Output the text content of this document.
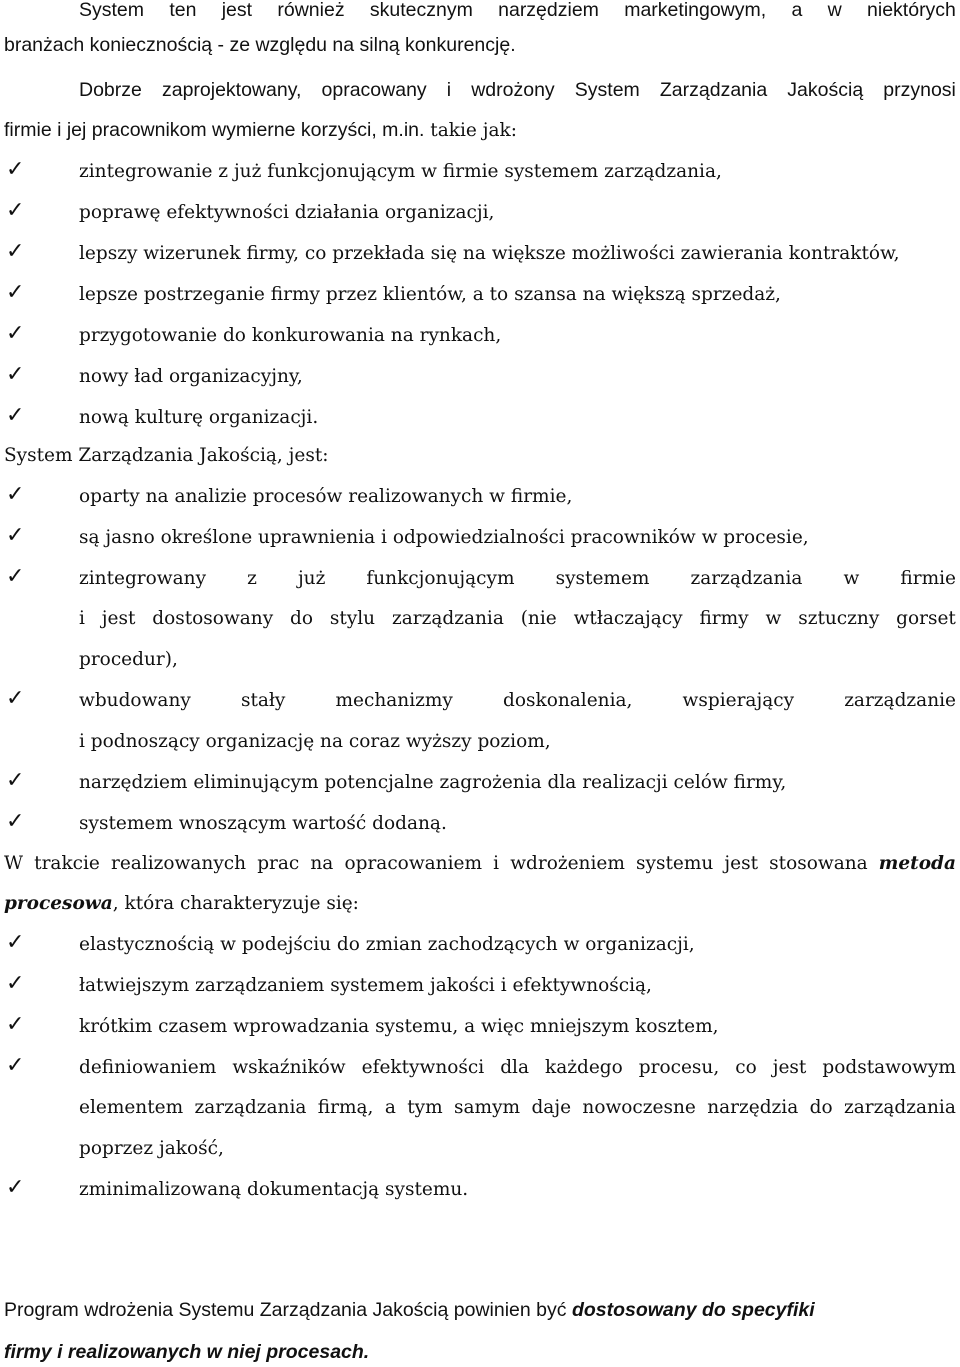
System ten jest również skutecznym narzędziem marketingowym, a w niektórych
branżach koniecznością - ze względu na silną konkurencję.
Dobrze zaprojektowany, opracowany i wdrożony System Zarządzania Jakością przynosi
firmie i jej pracownikom wymierne korzyści, m.in. takie jak:
✓	zintegrowanie z już funkcjonującym w firmie systemem zarządzania,
✓	poprawę efektywności działania organizacji,
✓	lepszy wizerunek firmy, co przekłada się na większe możliwości zawierania kontraktów,
✓	lepsze postrzeganie firmy przez klientów, a to szansa na większą sprzedaż,
✓	przygotowanie do konkurowania na rynkach,
✓	nowy ład organizacyjny,
✓	nową kulturę organizacji.
System Zarządzania Jakością, jest:
✓	oparty na analizie procesów realizowanych w firmie,
✓	są jasno określone uprawnienia i odpowiedzialności pracowników w procesie,
✓	zintegrowany z już funkcjonującym systemem zarządzania w firmie
i jest dostosowany do stylu zarządzania (nie wtłaczający firmy w sztuczny gorset
procedur),
✓	wbudowany	stały	mechanizmy	doskonalenia,	wspierający	zarządzanie
i podnoszący organizację na coraz wyższy poziom,
✓	narzędziem eliminującym potencjalne zagrożenia dla realizacji celów firmy,
✓	systemem wnoszącym wartość dodaną.
W trakcie realizowanych prac na opracowaniem i wdrożeniem systemu jest stosowana metoda
procesowa, która charakteryzuje się:
✓	elastycznością w podejściu do zmian zachodzących w organizacji,
✓	łatwiejszym zarządzaniem systemem jakości i efektywnością,
✓	krótkim czasem wprowadzania systemu, a więc mniejszym kosztem,
✓	definiowaniem wskaźników efektywności dla każdego procesu, co jest podstawowym
elementem zarządzania firmą, a tym samym daje nowoczesne narzędzia do zarządzania
poprzez jakość,
✓	zminimalizowaną dokumentacją systemu.
Program wdrożenia Systemu Zarządzania Jakością powinien być dostosowany do specyfiki
firmy i realizowanych w niej procesach.
